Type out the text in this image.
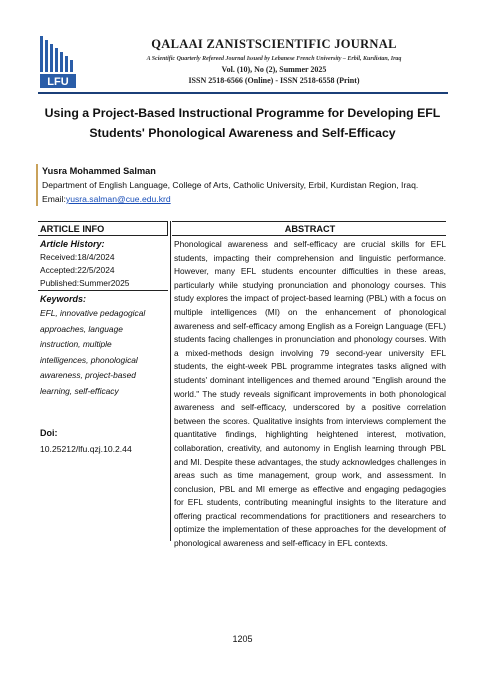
LFU
QALAAI ZANISTSCIENTIFIC JOURNAL
A Scientific Quarterly Refereed Journal Issued by Lebanese French University – Erbil, Kurdistan, Iraq
Vol. (10), No (2), Summer 2025
ISSN 2518-6566 (Online) - ISSN 2518-6558 (Print)
Using a Project-Based Instructional Programme for Developing EFL Students' Phonological Awareness and Self-Efficacy
Yusra Mohammed Salman
Department of English Language, College of Arts, Catholic University, Erbil, Kurdistan Region, Iraq.
Email:yusra.salman@cue.edu.krd
ARTICLE INFO
Article History:
Received:18/4/2024
Accepted:22/5/2024
Published:Summer2025
Keywords:
EFL, innovative pedagogical approaches, language instruction, multiple intelligences, phonological awareness, project-based learning, self-efficacy
Doi:
10.25212/lfu.qzj.10.2.44
ABSTRACT
Phonological awareness and self-efficacy are crucial skills for EFL students, impacting their comprehension and linguistic performance. However, many EFL students encounter difficulties in these areas, particularly while studying pronunciation and phonology courses. This study explores the impact of project-based learning (PBL) with a focus on multiple intelligences (MI) on the enhancement of phonological awareness and self-efficacy among English as a Foreign Language (EFL) students facing challenges in pronunciation and phonology courses. With a mixed-methods design involving 79 second-year university EFL students, the eight-week PBL programme integrates tasks aligned with students' dominant intelligences and themed around "English around the world." The study reveals significant improvements in both phonological awareness and self-efficacy, underscored by a positive correlation between the scores. Qualitative insights from interviews complement the quantitative findings, highlighting heightened interest, motivation, collaboration, creativity, and autonomy in English learning through PBL and MI. Despite these advantages, the study acknowledges challenges in areas such as time management, group work, and assessment. In conclusion, PBL and MI emerge as effective and engaging pedagogies for EFL students, contributing meaningful insights to the literature and offering practical recommendations for practitioners and researchers to optimize the implementation of these approaches for the development of phonological awareness and self-efficacy in EFL contexts.
1205
